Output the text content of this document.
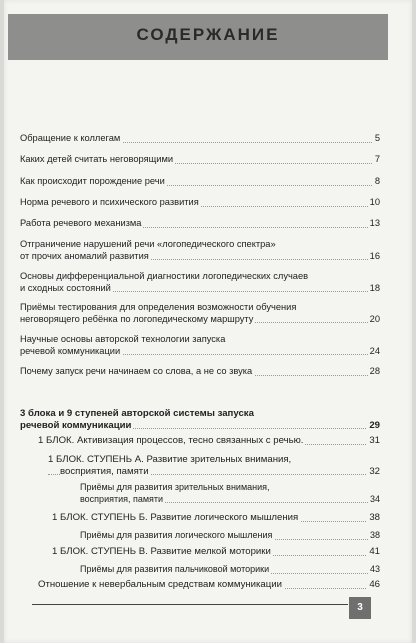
СОДЕРЖАНИЕ
Обращение к коллегам	5
Каких детей считать неговорящими	7
Как происходит порождение речи	8
Норма речевого и психического развития	10
Работа речевого механизма	13
Отграничение нарушений речи «логопедического спектра»
от прочих аномалий развития	16
Основы дифференциальной диагностики логопедических случаев
и сходных состояний	18
Приёмы тестирования для определения возможности обучения
неговорящего ребёнка по логопедическому маршруту	20
Научные основы авторской технологии запуска
речевой коммуникации	24
Почему запуск речи начинаем со слова, а не со звука	28
3 блока и 9 ступеней авторской системы запуска
речевой коммуникации	29
1 БЛОК. Активизация процессов, тесно связанных с речью.	31
1 БЛОК. СТУПЕНЬ А. Развитие зрительных внимания,
восприятия, памяти	32
Приёмы для развития зрительных внимания,
восприятия, памяти	34
1 БЛОК. СТУПЕНЬ Б. Развитие логического мышления	38
Приёмы для развития логического мышления	38
1 БЛОК. СТУПЕНЬ В. Развитие мелкой моторики	41
Приёмы для развития пальчиковой моторики	43
Отношение к невербальным средствам коммуникации	46
3
